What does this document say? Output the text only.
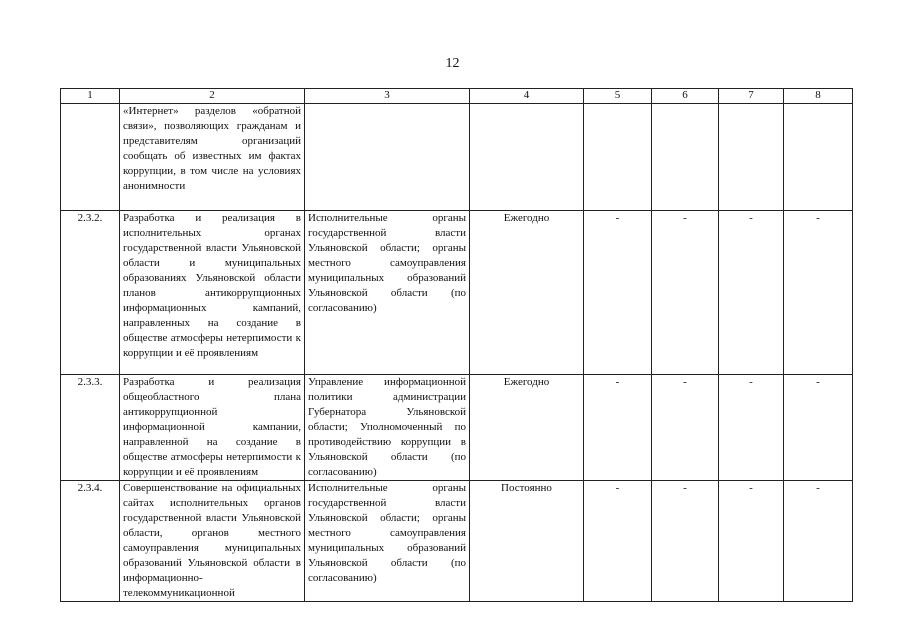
12
1	2	3	4	5	6	7	8
	«Интернет» разделов «обратной связи», позволяющих гражданам и представителям организаций сообщать об известных им фактах коррупции, в том числе на условиях анонимности						
2.3.2.	Разработка и реализация в исполнительных органах государственной власти Ульяновской области и муниципальных образованиях Ульяновской области планов антикоррупционных информационных кампаний, направленных на создание в обществе атмосферы нетерпимости к коррупции и её проявлениям	Исполнительные органы государственной власти Ульяновской области; органы местного самоуправления муниципальных образований Ульяновской области (по согласованию)	Ежегодно	-	-	-	-
2.3.3.	Разработка и реализация общеобластного плана антикоррупционной информационной кампании, направленной на создание в обществе атмосферы нетерпимости к коррупции и её проявлениям	Управление информационной политики администрации Губернатора Ульяновской области; Уполномоченный по противодействию коррупции в Ульяновской области (по согласованию)	Ежегодно	-	-	-	-
2.3.4.	Совершенствование на официальных сайтах исполнительных органов государственной власти Ульяновской области, органов местного самоуправления муниципальных образований Ульяновской области в информационно-телекоммуникационной	Исполнительные органы государственной власти Ульяновской области; органы местного самоуправления муниципальных образований Ульяновской области (по согласованию)	Постоянно	-	-	-	-
